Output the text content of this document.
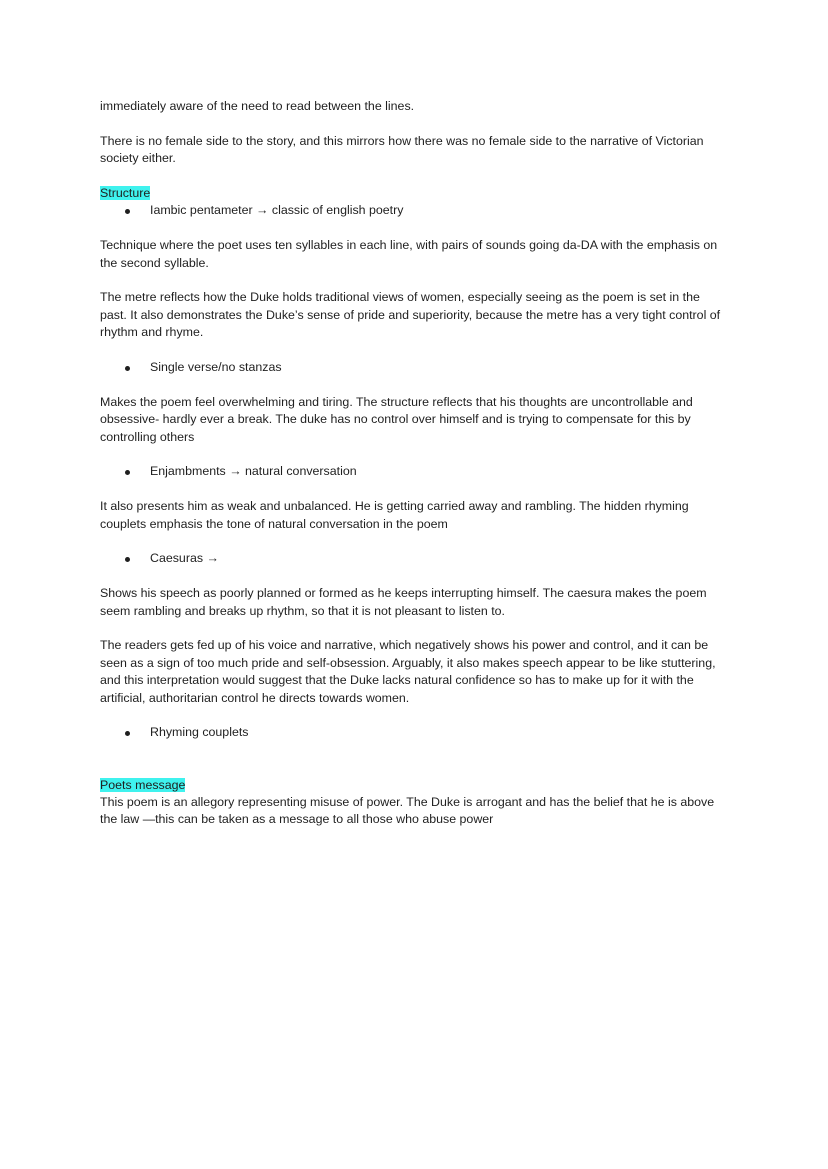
immediately aware of the need to read between the lines.

There is no female side to the story, and this mirrors how there was no female side to the narrative of Victorian society either.

Structure
Iambic pentameter → classic of english poetry

Technique where the poet uses ten syllables in each line, with pairs of sounds going da-DA with the emphasis on the second syllable.

The metre reflects how the Duke holds traditional views of women, especially seeing as the poem is set in the past. It also demonstrates the Duke’s sense of pride and superiority, because the metre has a very tight control of rhythm and rhyme.

Single verse/no stanzas

Makes the poem feel overwhelming and tiring. The structure reflects that his thoughts are uncontrollable and obsessive- hardly ever a break. The duke has no control over himself and is trying to compensate for this by controlling others

Enjambments → natural conversation

It also presents him as weak and unbalanced. He is getting carried away and rambling. The hidden rhyming couplets emphasis the tone of natural conversation in the poem

Caesuras →

Shows his speech as poorly planned or formed as he keeps interrupting himself. The caesura makes the poem seem rambling and breaks up rhythm, so that it is not pleasant to listen to.

The readers gets fed up of his voice and narrative, which negatively shows his power and control, and it can be seen as a sign of too much pride and self-obsession. Arguably, it also makes speech appear to be like stuttering, and this interpretation would suggest that the Duke lacks natural confidence so has to make up for it with the artificial, authoritarian control he directs towards women.

Rhyming couplets
Poets message

This poem is an allegory representing misuse of power. The Duke is arrogant and has the belief that he is above the law —this can be taken as a message to all those who abuse power
